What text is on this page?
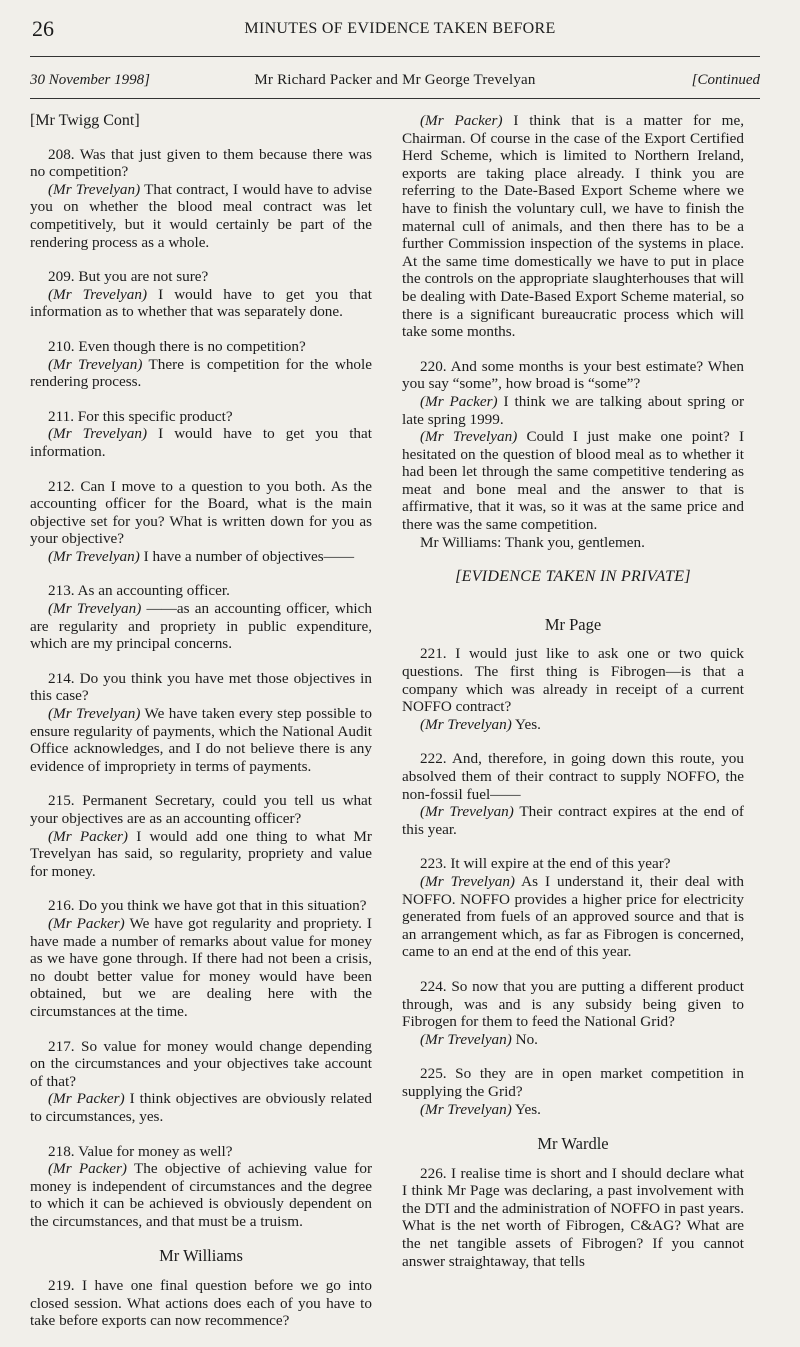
26	MINUTES OF EVIDENCE TAKEN BEFORE
30 November 1998]	Mr Richard Packer and Mr George Trevelyan	[Continued
[Mr Twigg Cont]

208. Was that just given to them because there was no competition?
(Mr Trevelyan) That contract, I would have to advise you on whether the blood meal contract was let competitively, but it would certainly be part of the rendering process as a whole.

209. But you are not sure?
(Mr Trevelyan) I would have to get you that information as to whether that was separately done.

210. Even though there is no competition?
(Mr Trevelyan) There is competition for the whole rendering process.

211. For this specific product?
(Mr Trevelyan) I would have to get you that information.

212. Can I move to a question to you both. As the accounting officer for the Board, what is the main objective set for you? What is written down for you as your objective?
(Mr Trevelyan) I have a number of objectives——

213. As an accounting officer.
(Mr Trevelyan) ——as an accounting officer, which are regularity and propriety in public expenditure, which are my principal concerns.

214. Do you think you have met those objectives in this case?
(Mr Trevelyan) We have taken every step possible to ensure regularity of payments, which the National Audit Office acknowledges, and I do not believe there is any evidence of impropriety in terms of payments.

215. Permanent Secretary, could you tell us what your objectives are as an accounting officer?
(Mr Packer) I would add one thing to what Mr Trevelyan has said, so regularity, propriety and value for money.

216. Do you think we have got that in this situation?
(Mr Packer) We have got regularity and propriety. I have made a number of remarks about value for money as we have gone through. If there had not been a crisis, no doubt better value for money would have been obtained, but we are dealing here with the circumstances at the time.

217. So value for money would change depending on the circumstances and your objectives take account of that?
(Mr Packer) I think objectives are obviously related to circumstances, yes.

218. Value for money as well?
(Mr Packer) The objective of achieving value for money is independent of circumstances and the degree to which it can be achieved is obviously dependent on the circumstances, and that must be a truism.

Mr Williams

219. I have one final question before we go into closed session. What actions does each of you have to take before exports can now recommence?

(Mr Packer) I think that is a matter for me, Chairman. Of course in the case of the Export Certified Herd Scheme, which is limited to Northern Ireland, exports are taking place already. I think you are referring to the Date-Based Export Scheme where we have to finish the voluntary cull, we have to finish the maternal cull of animals, and then there has to be a further Commission inspection of the systems in place. At the same time domestically we have to put in place the controls on the appropriate slaughterhouses that will be dealing with Date-Based Export Scheme material, so there is a significant bureaucratic process which will take some months.

220. And some months is your best estimate? When you say “some”, how broad is “some”?
(Mr Packer) I think we are talking about spring or late spring 1999.
(Mr Trevelyan) Could I just make one point? I hesitated on the question of blood meal as to whether it had been let through the same competitive tendering as meat and bone meal and the answer to that is affirmative, that it was, so it was at the same price and there was the same competition.
Mr Williams: Thank you, gentlemen.

[EVIDENCE TAKEN IN PRIVATE]
Mr Page

221. I would just like to ask one or two quick questions. The first thing is Fibrogen—is that a company which was already in receipt of a current NOFFO contract?
(Mr Trevelyan) Yes.

222. And, therefore, in going down this route, you absolved them of their contract to supply NOFFO, the non-fossil fuel——
(Mr Trevelyan) Their contract expires at the end of this year.

223. It will expire at the end of this year?
(Mr Trevelyan) As I understand it, their deal with NOFFO. NOFFO provides a higher price for electricity generated from fuels of an approved source and that is an arrangement which, as far as Fibrogen is concerned, came to an end at the end of this year.

224. So now that you are putting a different product through, was and is any subsidy being given to Fibrogen for them to feed the National Grid?
(Mr Trevelyan) No.

225. So they are in open market competition in supplying the Grid?
(Mr Trevelyan) Yes.

Mr Wardle

226. I realise time is short and I should declare what I think Mr Page was declaring, a past involvement with the DTI and the administration of NOFFO in past years. What is the net worth of Fibrogen, C&AG? What are the net tangible assets of Fibrogen? If you cannot answer straightaway, that tells
